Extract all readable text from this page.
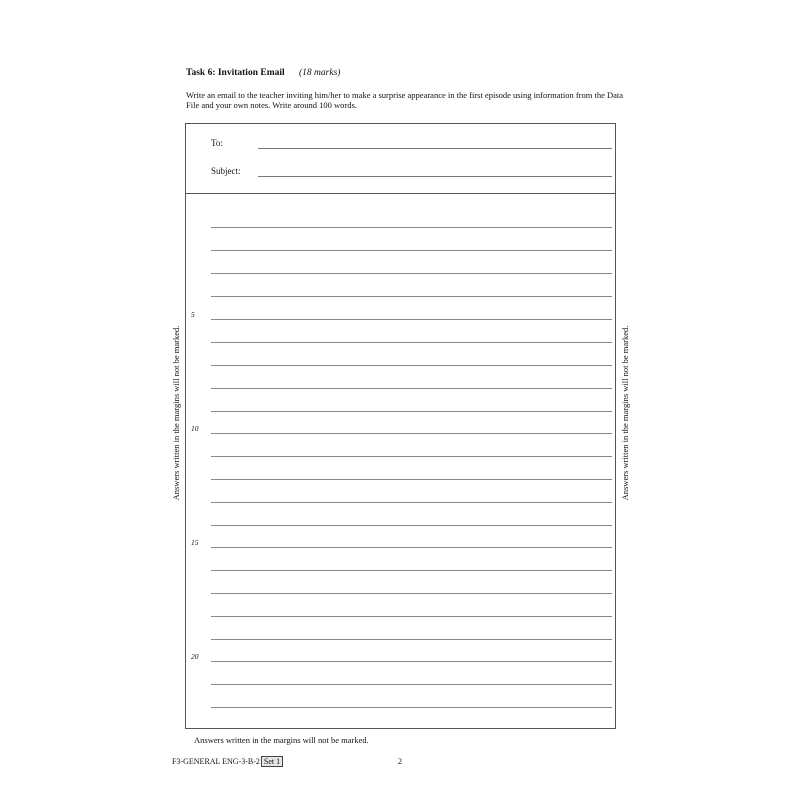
Task 6: Invitation Email (18 marks)
Write an email to the teacher inviting him/her to make a surprise appearance in the first episode using information from the Data File and your own notes. Write around 100 words.
Answers written in the margins will not be marked.	Answers written in the margins will not be marked.
To:
Subject:
5
10
15
20
Answers written in the margins will not be marked.
F3-GENERAL ENG-3-B-2 Set 1	2
